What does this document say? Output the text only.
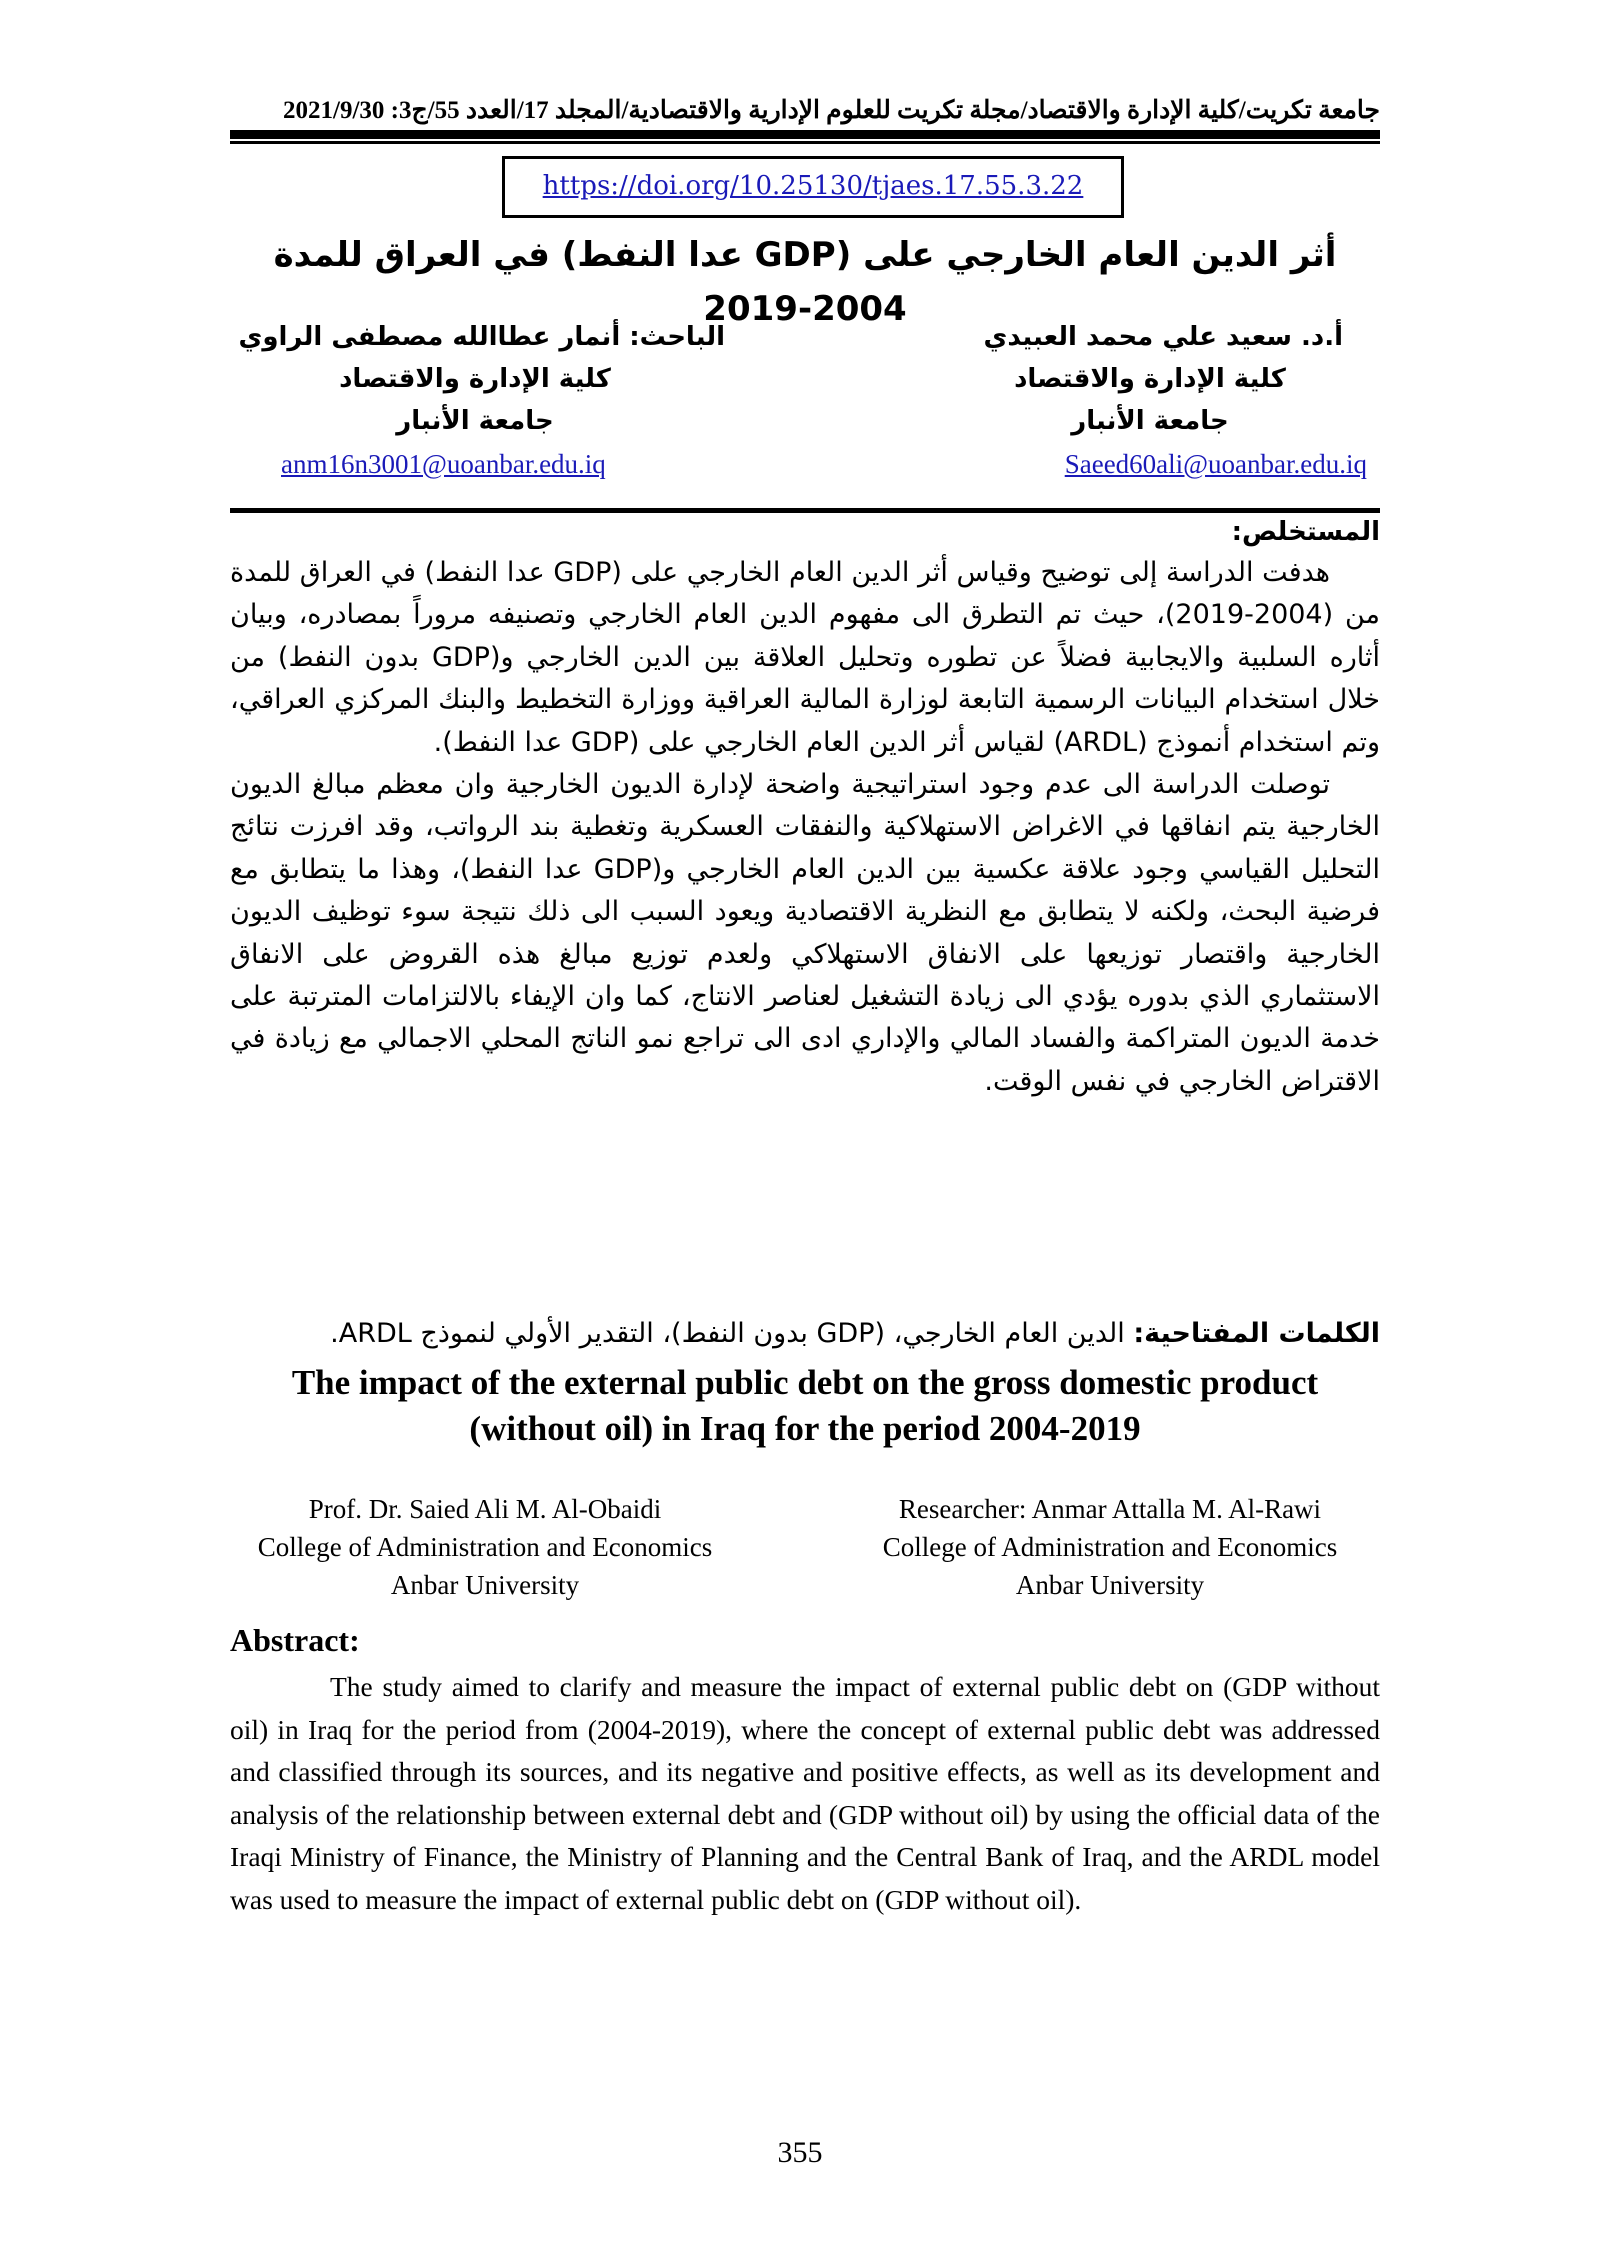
جامعة تكريت/كلية الإدارة والاقتصاد/مجلة تكريت للعلوم الإدارية والاقتصادية/المجلد 17/العدد 55/ج3: 2021/9/30
https://doi.org/10.25130/tjaes.17.55.3.22
أثر الدين العام الخارجي على (GDP عدا النفط) في العراق للمدة 2004-2019
أ.د. سعيد علي محمد العبيدي
كلية الإدارة والاقتصاد
جامعة الأنبار
Saeed60ali@uoanbar.edu.iq
الباحث: أنمار عطاالله مصطفى الراوي
كلية الإدارة والاقتصاد
جامعة الأنبار
anm16n3001@uoanbar.edu.iq
المستخلص:

هدفت الدراسة إلى توضيح وقياس أثر الدين العام الخارجي على (GDP عدا النفط) في العراق للمدة من (2004-2019)، حيث تم التطرق الى مفهوم الدين العام الخارجي وتصنيفه مروراً بمصادره، وبيان أثاره السلبية والايجابية فضلاً عن تطوره وتحليل العلاقة بين الدين الخارجي و(GDP بدون النفط) من خلال استخدام البيانات الرسمية التابعة لوزارة المالية العراقية ووزارة التخطيط والبنك المركزي العراقي، وتم استخدام أنموذج (ARDL) لقياس أثر الدين العام الخارجي على (GDP عدا النفط).

توصلت الدراسة الى عدم وجود استراتيجية واضحة لإدارة الديون الخارجية وان معظم مبالغ الديون الخارجية يتم انفاقها في الاغراض الاستهلاكية والنفقات العسكرية وتغطية بند الرواتب، وقد افرزت نتائج التحليل القياسي وجود علاقة عكسية بين الدين العام الخارجي و(GDP عدا النفط)، وهذا ما يتطابق مع فرضية البحث، ولكنه لا يتطابق مع النظرية الاقتصادية ويعود السبب الى ذلك نتيجة سوء توظيف الديون الخارجية واقتصار توزيعها على الانفاق الاستهلاكي ولعدم توزيع مبالغ هذه القروض على الانفاق الاستثماري الذي بدوره يؤدي الى زيادة التشغيل لعناصر الانتاج، كما وان الإيفاء بالالتزامات المترتبة على خدمة الديون المتراكمة والفساد المالي والإداري ادى الى تراجع نمو الناتج المحلي الاجمالي مع زيادة في الاقتراض الخارجي في نفس الوقت.

الكلمات المفتاحية: الدين العام الخارجي، (GDP بدون النفط)، التقدير الأولي لنموذج ARDL.
The impact of the external public debt on the gross domestic product
(without oil) in Iraq for the period 2004-2019
Prof. Dr. Saied Ali M. Al-Obaidi
College of Administration and Economics
Anbar University
Researcher: Anmar Attalla M. Al-Rawi
College of Administration and Economics
Anbar University
Abstract:

The study aimed to clarify and measure the impact of external public debt on (GDP without oil) in Iraq for the period from (2004-2019), where the concept of external public debt was addressed and classified through its sources, and its negative and positive effects, as well as its development and analysis of the relationship between external debt and (GDP without oil) by using the official data of the Iraqi Ministry of Finance, the Ministry of Planning and the Central Bank of Iraq, and the ARDL model was used to measure the impact of external public debt on (GDP without oil).

355
